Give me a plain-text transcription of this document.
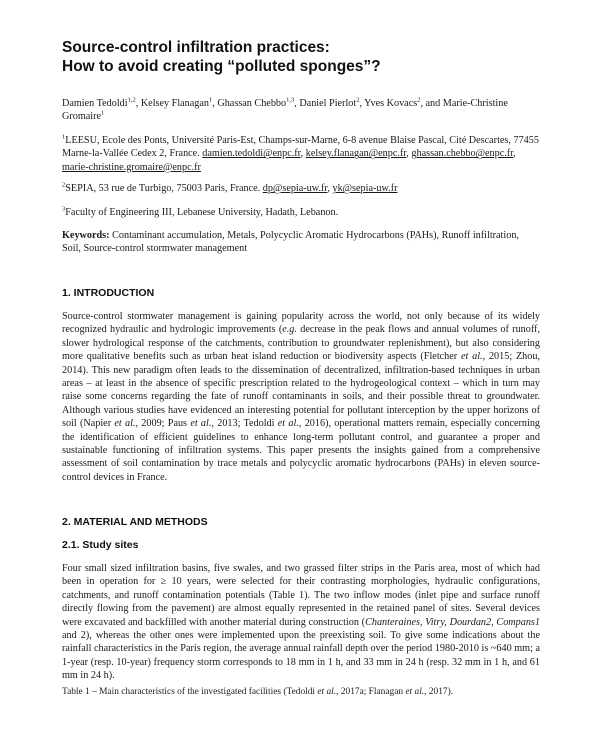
Source-control infiltration practices:
How to avoid creating “polluted sponges”?
Damien Tedoldi$^{1,2}$, Kelsey Flanagan$^1$, Ghassan Chebbo$^{1,3}$, Daniel Pierlot$^2$, Yves Kovacs$^2$, and Marie-Christine Gromaire$^1$
$^1$LEESU, Ecole des Ponts, Université Paris-Est, Champs-sur-Marne, 6-8 avenue Blaise Pascal, Cité Descartes, 77455 Marne-la-Vallée Cedex 2, France. damien.tedoldi@enpc.fr, kelsey.flanagan@enpc.fr, ghassan.chebbo@enpc.fr, marie-christine.gromaire@enpc.fr
$^2$SEPIA, 53 rue de Turbigo, 75003 Paris, France. dp@sepia-uw.fr, yk@sepia-uw.fr
$^3$Faculty of Engineering III, Lebanese University, Hadath, Lebanon.
Keywords: Contaminant accumulation, Metals, Polycyclic Aromatic Hydrocarbons (PAHs), Runoff infiltration, Soil, Source-control stormwater management
1. INTRODUCTION
Source-control stormwater management is gaining popularity across the world, not only because of its widely recognized hydraulic and hydrologic improvements (e.g. decrease in the peak flows and annual volumes of runoff, slower hydrological response of the catchments, contribution to groundwater replenishment), but also considering more qualitative benefits such as urban heat island reduction or biodiversity aspects (Fletcher et al., 2015; Zhou, 2014). This new paradigm often leads to the dissemination of decentralized, infiltration-based techniques in urban areas – at least in the absence of specific prescription related to the hydrogeological context – which in turn may raise some concerns regarding the fate of runoff contaminants in soils, and their possible threat to groundwater. Although various studies have evidenced an interesting potential for pollutant interception by the upper horizons of soil (Napier et al., 2009; Paus et al., 2013; Tedoldi et al., 2016), operational matters remain, especially concerning the identification of efficient guidelines to enhance long-term pollutant control, and guarantee a proper and sustainable functioning of infiltration systems. This paper presents the insights gained from a comprehensive assessment of soil contamination by trace metals and polycyclic aromatic hydrocarbons (PAHs) in eleven source-control devices in France.
2. MATERIAL AND METHODS
2.1. Study sites
Four small sized infiltration basins, five swales, and two grassed filter strips in the Paris area, most of which had been in operation for ≥ 10 years, were selected for their contrasting morphologies, hydraulic configurations, catchments, and runoff contamination potentials (Table 1). The two inflow modes (inlet pipe and surface runoff directly flowing from the pavement) are almost equally represented in the retained panel of sites. Several devices were excavated and backfilled with another material during construction (Chanteraines, Vitry, Dourdan2, Compans1 and 2), whereas the other ones were implemented upon the preexisting soil. To give some indications about the rainfall characteristics in the Paris region, the average annual rainfall depth over the period 1980-2010 is ~640 mm; a 1-year (resp. 10-year) frequency storm corresponds to 18 mm in 1 h, and 33 mm in 24 h (resp. 32 mm in 1 h, and 61 mm in 24 h).
Table 1 – Main characteristics of the investigated facilities (Tedoldi et al., 2017a; Flanagan et al., 2017).
